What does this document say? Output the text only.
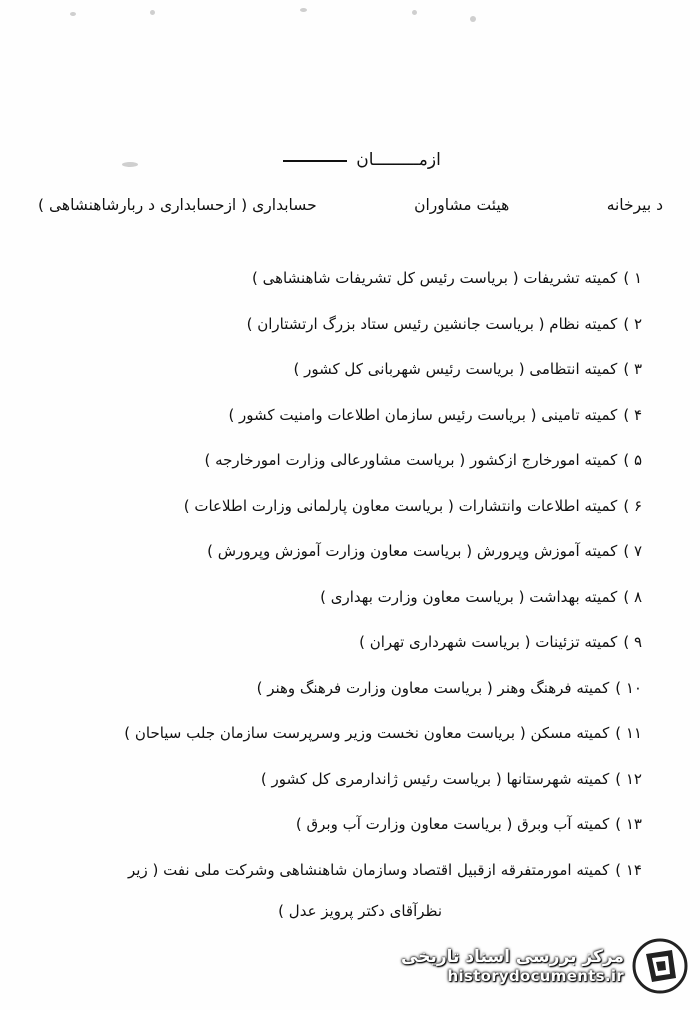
ازمـــــــــان
د بیرخانه
هیئت مشاوران
حسابداری ( ازحسابداری د ربارشاهنشاهی )
۱ )کمیته تشریفات ( بریاست رئیس کل تشریفات شاهنشاهی )
۲ )کمیته نظام ( بریاست جانشین رئیس ستاد بزرگ ارتشتاران )
۳ )کمیته انتظامی ( بریاست رئیس شهربانی کل کشور )
۴ )کمیته تامینی ( بریاست رئیس سازمان اطلاعات وامنیت کشور )
۵ )کمیته امورخارج ازکشور ( بریاست مشاورعالی وزارت امورخارجه )
۶ )کمیته اطلاعات وانتشارات ( بریاست معاون پارلمانی وزارت اطلاعات )
۷ )کمیته آموزش وپرورش ( بریاست معاون وزارت آموزش وپرورش )
۸ )کمیته بهداشت ( بریاست معاون وزارت بهداری )
۹ )کمیته تزئینات ( بریاست شهرداری تهران )
۱۰ )کمیته فرهنگ وهنر ( بریاست معاون وزارت فرهنگ وهنر )
۱۱ )کمیته مسکن ( بریاست معاون نخست وزیر وسرپرست سازمان جلب سیاحان )
۱۲ )کمیته شهرستانها ( بریاست رئیس ژاندارمری کل کشور )
۱۳ )کمیته آب وبرق ( بریاست معاون وزارت آب وبرق )
۱۴ )کمیته امورمتفرقه ازقبیل اقتصاد وسازمان شاهنشاهی وشرکت ملی نفت ( زیر
نظرآقای دکتر پرویز عدل )
مرکز بررسی اسناد تاریخی
historydocuments.ir
